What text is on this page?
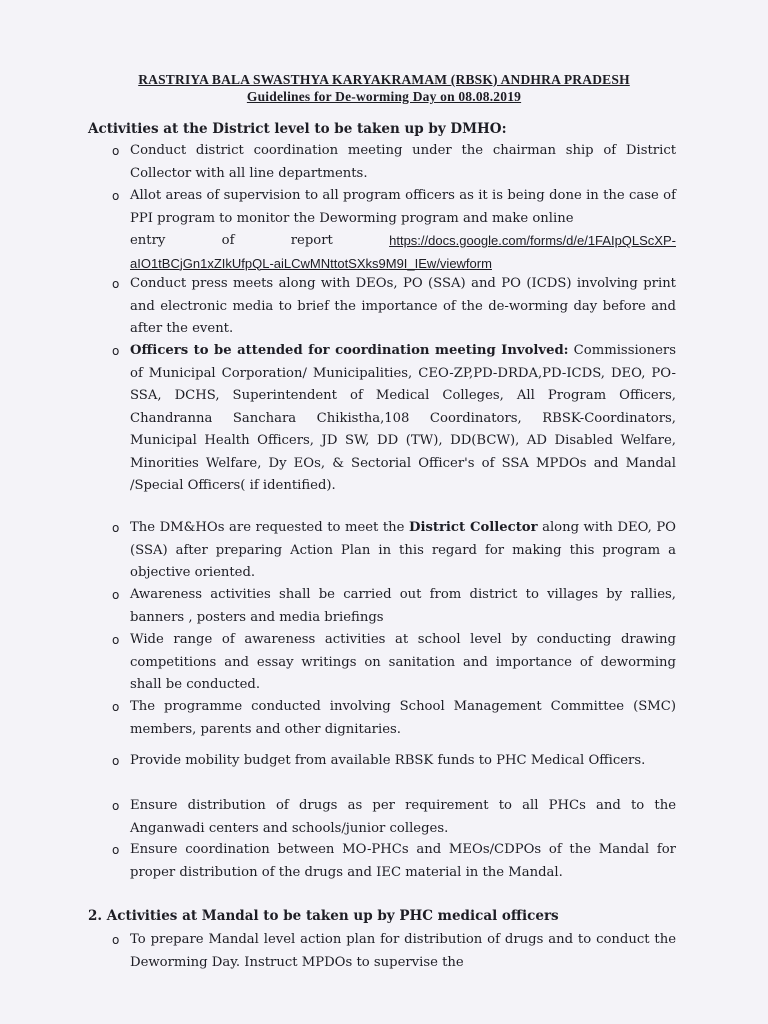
RASTRIYA BALA SWASTHYA KARYAKRAMAM (RBSK) ANDHRA PRADESH
Guidelines for De-worming Day on 08.08.2019
Activities at the District level to be taken up by DMHO:
o Conduct district coordination meeting under the chairman ship of District Collector with all line departments.
o Allot areas of supervision to all program officers as it is being done in the case of PPI program to monitor the Deworming program and make online
entry	of	report	https://docs.google.com/forms/d/e/1FAIpQLScXP-
aIO1tBCjGn1xZIkUfpQL-aiLCwMNttotSXks9M9I_IEw/viewform
o Conduct press meets along with DEOs, PO (SSA) and PO (ICDS) involving print and electronic media to brief the importance of the de-worming day before and after the event.
o Officers to be attended for coordination meeting Involved: Commissioners of Municipal Corporation/ Municipalities, CEO-ZP,PD-DRDA,PD-ICDS, DEO, PO-SSA, DCHS, Superintendent of Medical Colleges, All Program Officers, Chandranna Sanchara Chikistha,108 Coordinators, RBSK-Coordinators, Municipal Health Officers, JD SW, DD (TW), DD(BCW), AD Disabled Welfare, Minorities Welfare, Dy EOs, & Sectorial Officer's of SSA MPDOs and Mandal /Special Officers( if identified).
o The DM&HOs are requested to meet the District Collector along with DEO, PO (SSA) after preparing Action Plan in this regard for making this program a objective oriented.
o Awareness activities shall be carried out from district to villages by rallies, banners , posters and media briefings
o Wide range of awareness activities at school level by conducting drawing competitions and essay writings on sanitation and importance of deworming shall be conducted.
o The programme conducted involving School Management Committee (SMC) members, parents and other dignitaries.
o Provide mobility budget from available RBSK funds to PHC Medical Officers.
o Ensure distribution of drugs as per requirement to all PHCs and to the Anganwadi centers and schools/junior colleges.
o Ensure coordination between MO-PHCs and MEOs/CDPOs of the Mandal for proper distribution of the drugs and IEC material in the Mandal.
2. Activities at Mandal to be taken up by PHC medical officers
o To prepare Mandal level action plan for distribution of drugs and to conduct the Deworming Day. Instruct MPDOs to supervise the
